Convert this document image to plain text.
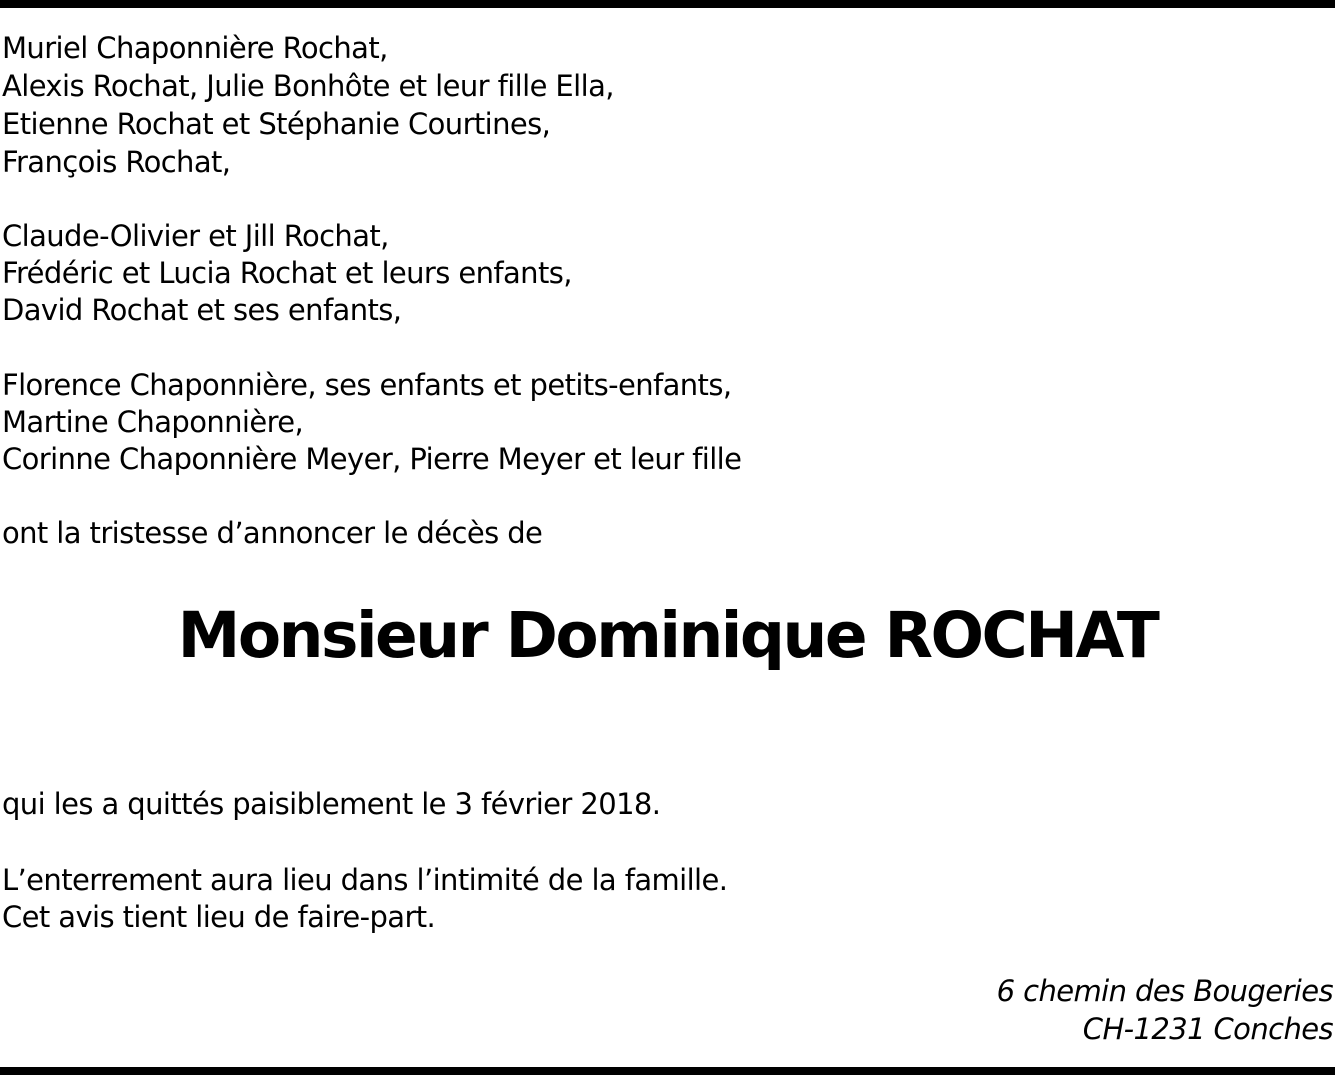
Muriel Chaponnière Rochat,
Alexis Rochat, Julie Bonhôte et leur fille Ella,
Etienne Rochat et Stéphanie Courtines,
François Rochat,
Claude-Olivier et Jill Rochat,
Frédéric et Lucia Rochat et leurs enfants,
David Rochat et ses enfants,
Florence Chaponnière, ses enfants et petits-enfants,
Martine Chaponnière,
Corinne Chaponnière Meyer, Pierre Meyer et leur fille
ont la tristesse d’annoncer le décès de
Monsieur Dominique ROCHAT
qui les a quittés paisiblement le 3 février 2018.
L’enterrement aura lieu dans l’intimité de la famille.
Cet avis tient lieu de faire-part.
6 chemin des Bougeries
CH-1231 Conches
